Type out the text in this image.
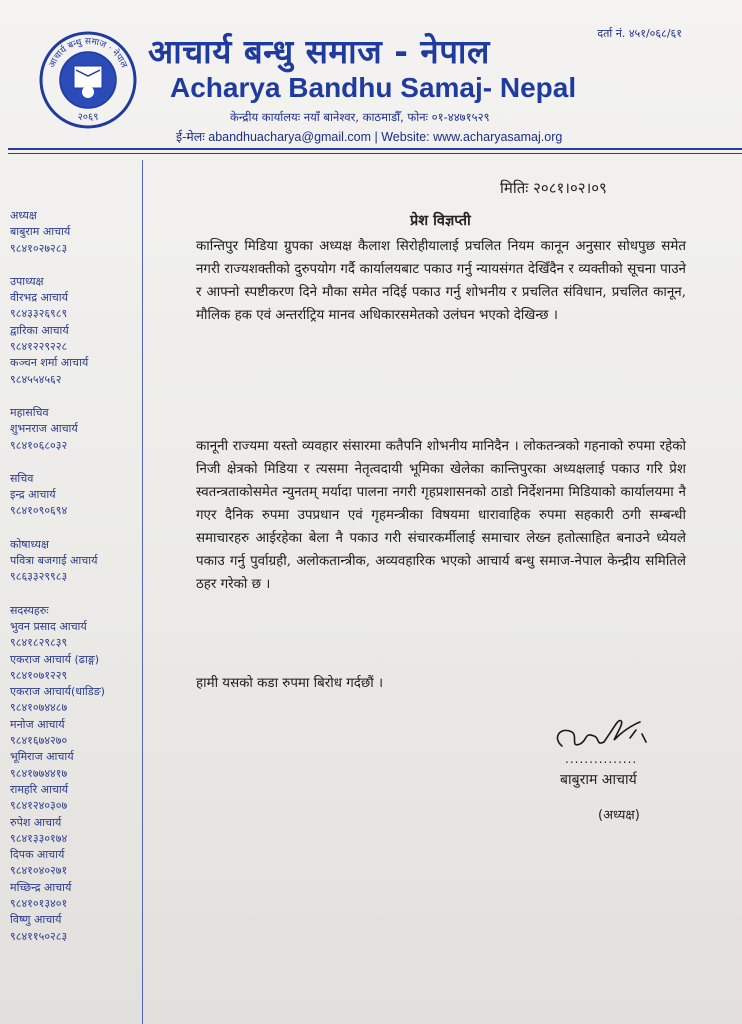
दर्ता नं. ४५१/०६८/६१
आचार्य बन्धु समाज · नेपाल
२०६९
आचार्य बन्धु समाज - नेपाल
Acharya Bandhu Samaj- Nepal
केन्द्रीय कार्यालयः नयाँ बानेश्वर, काठमाडौँ, फोनः ०१-४४७१५२९
ई-मेलः abandhuacharya@gmail.com | Website: www.acharyasamaj.org
अध्यक्ष
बाबुराम आचार्य
९८४१०२७२८३
उपाध्यक्ष
वीरभद्र आचार्य
९८४३३२६९८९
द्वारिका आचार्य
९८४१२२९२२८
कञ्चन शर्मा आचार्य
९८४५५४५६२
महासचिव
शुभनराज आचार्य
९८४१०६८०३२
सचिव
इन्द्र आचार्य
९८४१०९०६९४
कोषाध्यक्ष
पवित्रा बजगाई आचार्य
९८६३३२९९८३
सदस्यहरुः
भुवन प्रसाद आचार्य
९८४१८२९८३९
एकराज आचार्य (ढाङ्ग)
९८४१०७१२२९
एकराज आचार्य(धाडिङ)
९८४१०७४४८७
मनोज आचार्य
९८४१६७४२७०
भूमिराज आचार्य
९८४१७७४४१७
रामहरि आचार्य
९८४१२४०३०७
रुपेश आचार्य
९८४१३३०१७४
दिपक आचार्य
९८४१०४०२७१
मच्छिन्द्र आचार्य
९८४१०१३४०१
विष्णु आचार्य
९८४११५०२८३
मितिः २०८१।०२।०९
प्रेश विज्ञप्ती
कान्तिपुर मिडिया ग्रुपका अध्यक्ष कैलाश सिरोहीयालाई प्रचलित नियम कानून अनुसार सोधपुछ समेत नगरी राज्यशक्तीको दुरुपयोग गर्दै कार्यालयबाट पकाउ गर्नु न्यायसंगत देखिँदैन र व्यक्तीको सूचना पाउने र आफ्नो स्पष्टीकरण दिने मौका समेत नदिई पकाउ गर्नु शोभनीय र प्रचलित संविधान, प्रचलित कानून, मौलिक हक एवं अन्तर्राट्रिय मानव अधिकारसमेतको उलंघन भएको देखिन्छ ।
कानूनी राज्यमा यस्तो व्यवहार संसारमा कतैपनि शोभनीय मानिदैन । लोकतन्त्रको गहनाको रुपमा रहेको निजी क्षेत्रको मिडिया र त्यसमा नेतृत्वदायी भूमिका खेलेका कान्तिपुरका अध्यक्षलाई पकाउ गरि प्रेश स्वतन्त्रताकोसमेत न्युनतम् मर्यादा पालना नगरी गृहप्रशासनको ठाडो निर्देशनमा मिडियाको कार्यालयमा नै गएर दैनिक रुपमा उपप्रधान एवं गृहमन्त्रीका विषयमा धारावाहिक रुपमा सहकारी ठगी सम्बन्धी समाचारहरु आईरहेका बेला नै पकाउ गरी संचारकर्मीलाई समाचार लेख्न हतोत्साहित बनाउने ध्येयले पकाउ गर्नु पुर्वाग्रही, अलोकतान्त्रीक, अव्यवहारिक भएको आचार्य बन्धु समाज-नेपाल केन्द्रीय समितिले ठहर गरेको छ ।
हामी यसको कडा रुपमा बिरोध गर्दछौं ।
...............
बाबुराम आचार्य
(अध्यक्ष)
